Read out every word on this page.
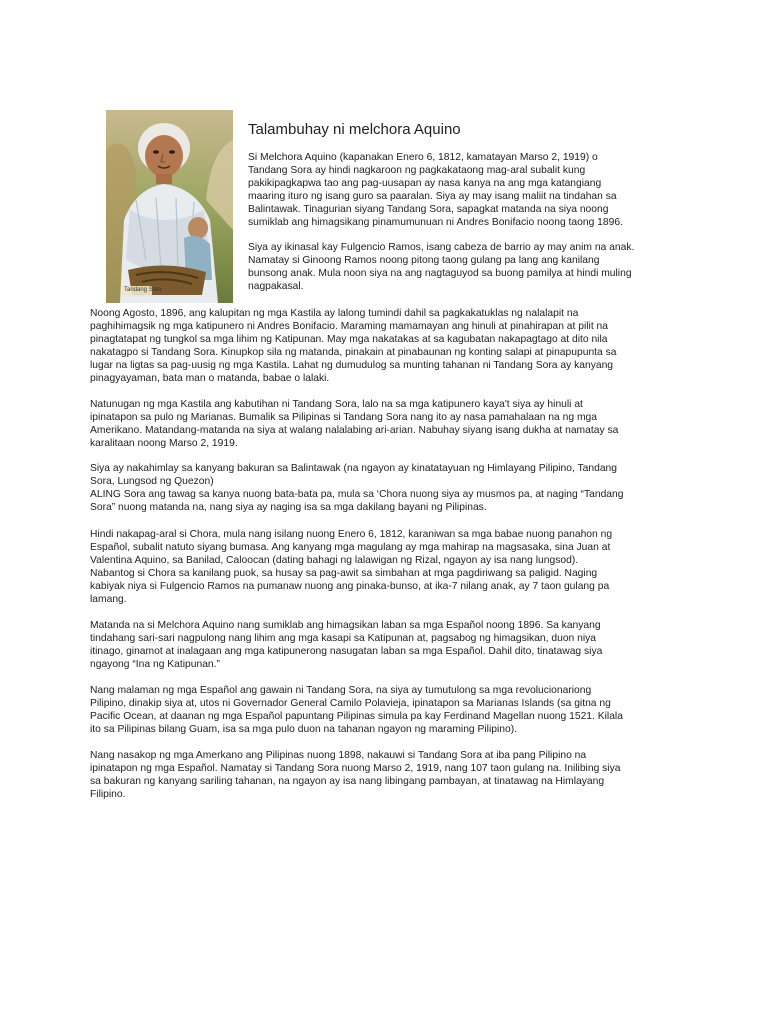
Tandang Sora
Talambuhay ni melchora Aquino

Si Melchora Aquino (kapanakan Enero 6, 1812, kamatayan Marso 2, 1919) o
Tandang Sora ay hindi nagkaroon ng pagkakataong mag-aral subalit kung
pakikipagkapwa tao ang pag-uusapan ay nasa kanya na ang mga katangiang
maaring ituro ng isang guro sa paaralan. Siya ay may isang maliit na tindahan sa
Balintawak. Tinagurian siyang Tandang Sora, sapagkat matanda na siya noong
sumiklab ang himagsikang pinamumunuan ni Andres Bonifacio noong taong 1896.

Siya ay ikinasal kay Fulgencio Ramos, isang cabeza de barrio ay may anim na anak.
Namatay si Ginoong Ramos noong pitong taong gulang pa lang ang kanilang
bunsong anak. Mula noon siya na ang nagtaguyod sa buong pamilya at hindi muling
nagpakasal.

Noong Agosto, 1896, ang kalupitan ng mga Kastila ay lalong tumindi dahil sa pagkakatuklas ng nalalapit na
paghihimagsik ng mga katipunero ni Andres Bonifacio. Maraming mamamayan ang hinuli at pinahirapan at pilit na
pinagtatapat ng tungkol sa mga lihim ng Katipunan. May mga nakatakas at sa kagubatan nakapagtago at dito nila
nakatagpo si Tandang Sora. Kinupkop sila ng matanda, pinakain at pinabaunan ng konting salapi at pinapupunta sa
lugar na ligtas sa pag-uusig ng mga Kastila. Lahat ng dumudulog sa munting tahanan ni Tandang Sora ay kanyang
pinagyayaman, bata man o matanda, babae o lalaki.

Natunugan ng mga Kastila ang kabutihan ni Tandang Sora, lalo na sa mga katipunero kaya't siya ay hinuli at
ipinatapon sa pulo ng Marianas. Bumalik sa Pilipinas si Tandang Sora nang ito ay nasa pamahalaan na ng mga
Amerikano. Matandang-matanda na siya at walang nalalabing ari-arian. Nabuhay siyang isang dukha at namatay sa
karalitaan noong Marso 2, 1919.

Siya ay nakahimlay sa kanyang bakuran sa Balintawak (na ngayon ay kinatatayuan ng Himlayang Pilipino, Tandang
Sora, Lungsod ng Quezon)
ALING Sora ang tawag sa kanya nuong bata-bata pa, mula sa ‘Chora nuong siya ay musmos pa, at naging “Tandang
Sora” nuong matanda na, nang siya ay naging isa sa mga dakilang bayani ng Pilipinas.

Hindi nakapag-aral si Chora, mula nang isilang nuong Enero 6, 1812, karaniwan sa mga babae nuong panahon ng
Español, subalit natuto siyang bumasa. Ang kanyang mga magulang ay mga mahirap na magsasaka, sina Juan at
Valentina Aquino, sa Banilad, Caloocan (dating bahagi ng lalawigan ng Rizal, ngayon ay isa nang lungsod).
Nabantog si Chora sa kanilang puok, sa husay sa pag-awit sa simbahan at mga pagdiriwang sa paligid. Naging
kabiyak niya si Fulgencio Ramos na pumanaw nuong ang pinaka-bunso, at ika-7 nilang anak, ay 7 taon gulang pa
lamang.

Matanda na si Melchora Aquino nang sumiklab ang himagsikan laban sa mga Español noong 1896. Sa kanyang
tindahang sari-sari nagpulong nang lihim ang mga kasapi sa Katipunan at, pagsabog ng himagsikan, duon niya
itinago, ginamot at inalagaan ang mga katipunerong nasugatan laban sa mga Español. Dahil dito, tinatawag siya
ngayong “Ina ng Katipunan.”

Nang malaman ng mga Español ang gawain ni Tandang Sora, na siya ay tumutulong sa mga revolucionariong
Pilipino, dinakip siya at, utos ni Governador General Camilo Polavieja, ipinatapon sa Marianas Islands (sa gitna ng
Pacific Ocean, at daanan ng mga Español papuntang Pilipinas simula pa kay Ferdinand Magellan nuong 1521. Kilala
ito sa Pilipinas bilang Guam, isa sa mga pulo duon na tahanan ngayon ng maraming Pilipino).

Nang nasakop ng mga Amerkano ang Pilipinas nuong 1898, nakauwi si Tandang Sora at iba pang Pilipino na
ipinatapon ng mga Español. Namatay si Tandang Sora nuong Marso 2, 1919, nang 107 taon gulang na. Inilibing siya
sa bakuran ng kanyang sariling tahanan, na ngayon ay isa nang libingang pambayan, at tinatawag na Himlayang
Filipino.
